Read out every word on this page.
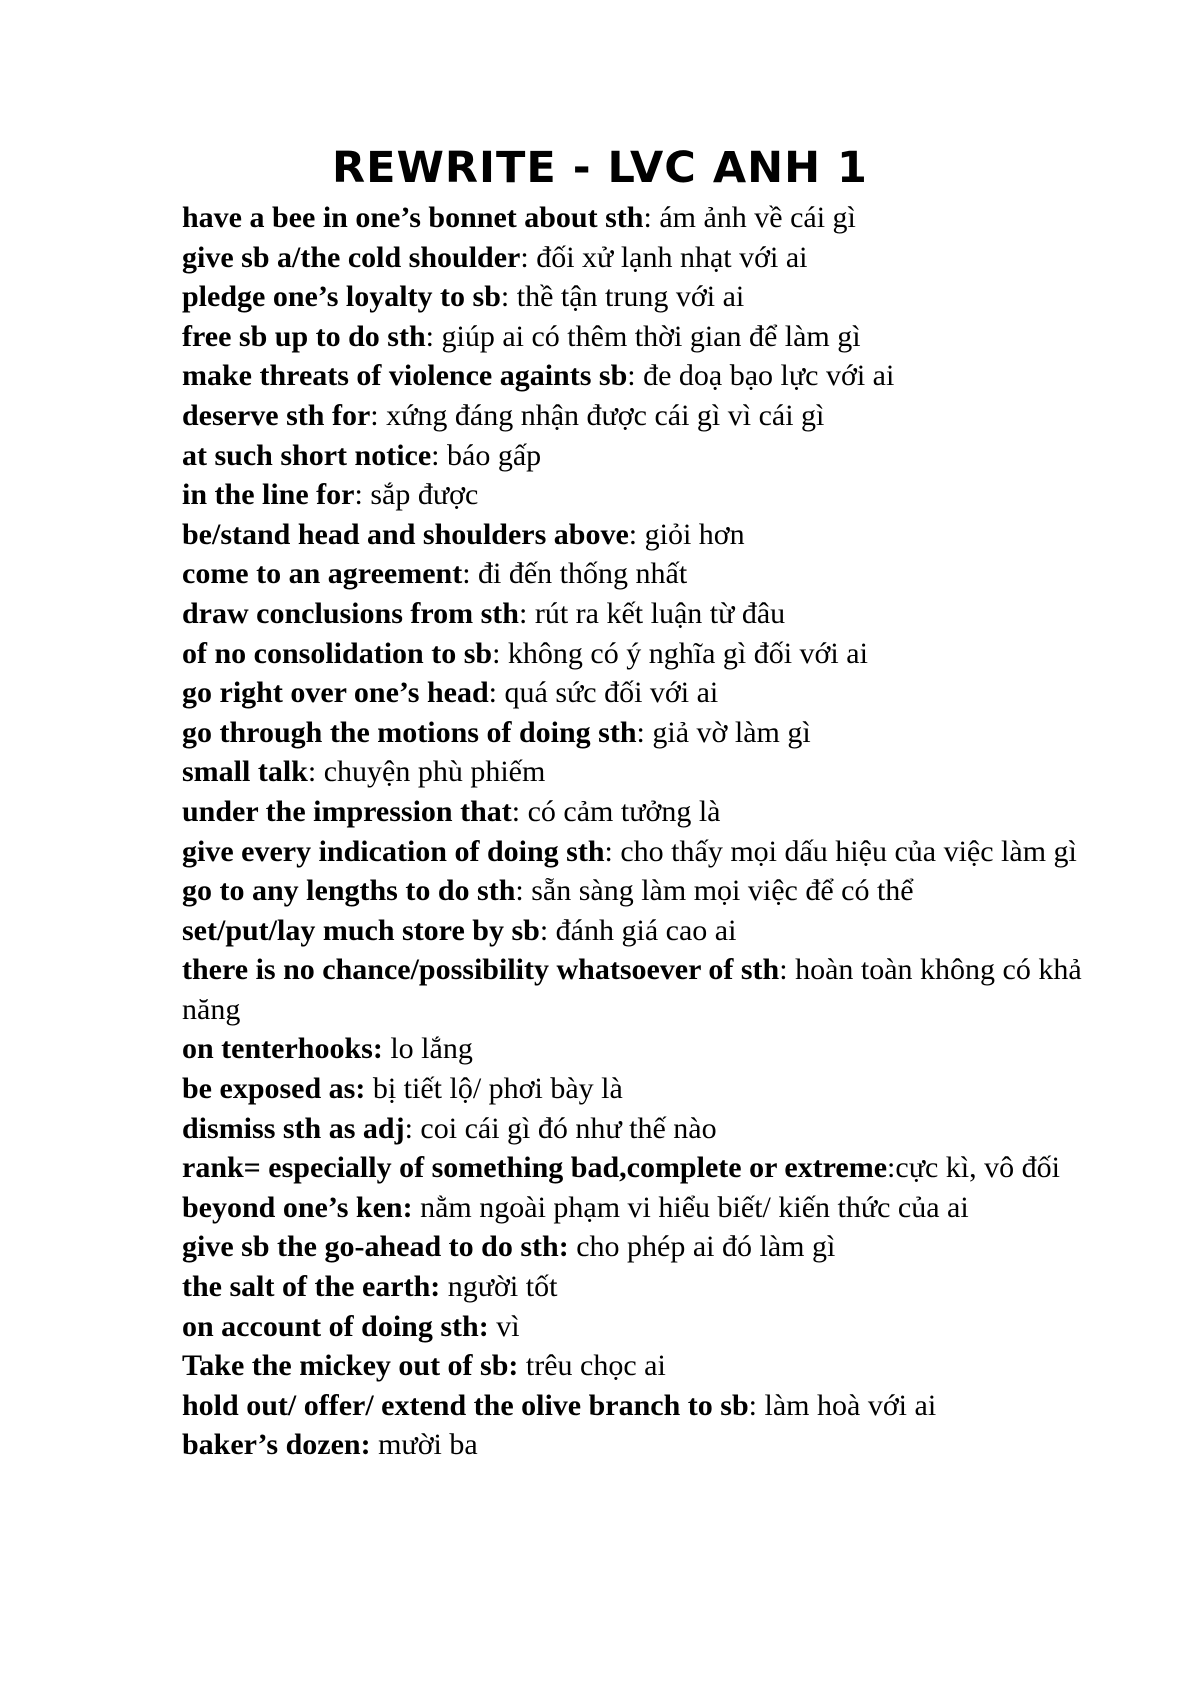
REWRITE - LVC ANH 1
have a bee in one’s bonnet about sth: ám ảnh về cái gì
give sb a/the cold shoulder: đối xử lạnh nhạt với ai
pledge one’s loyalty to sb: thề tận trung với ai
free sb up to do sth: giúp ai có thêm thời gian để làm gì
make threats of violence againts sb: đe doạ bạo lực với ai
deserve sth for: xứng đáng nhận được cái gì vì cái gì
at such short notice: báo gấp
in the line for: sắp được
be/stand head and shoulders above: giỏi hơn
come to an agreement: đi đến thống nhất
draw conclusions from sth: rút ra kết luận từ đâu
of no consolidation to sb: không có ý nghĩa gì đối với ai
go right over one’s head: quá sức đối với ai
go through the motions of doing sth: giả vờ làm gì
small talk: chuyện phù phiếm
under the impression that: có cảm tưởng là
give every indication of doing sth: cho thấy mọi dấu hiệu của việc làm gì
go to any lengths to do sth: sẵn sàng làm mọi việc để có thể
set/put/lay much store by sb: đánh giá cao ai
there is no chance/possibility whatsoever of sth: hoàn toàn không có khả năng
on tenterhooks: lo lắng
be exposed as: bị tiết lộ/ phơi bày là
dismiss sth as adj: coi cái gì đó như thế nào
rank= especially of something bad,complete or extreme:cực kì, vô đối
beyond one’s ken: nằm ngoài phạm vi hiểu biết/ kiến thức của ai
give sb the go-ahead to do sth: cho phép ai đó làm gì
the salt of the earth: người tốt
on account of doing sth: vì
Take the mickey out of sb: trêu chọc ai
hold out/ offer/ extend the olive branch to sb: làm hoà với ai
baker’s dozen: mười ba
